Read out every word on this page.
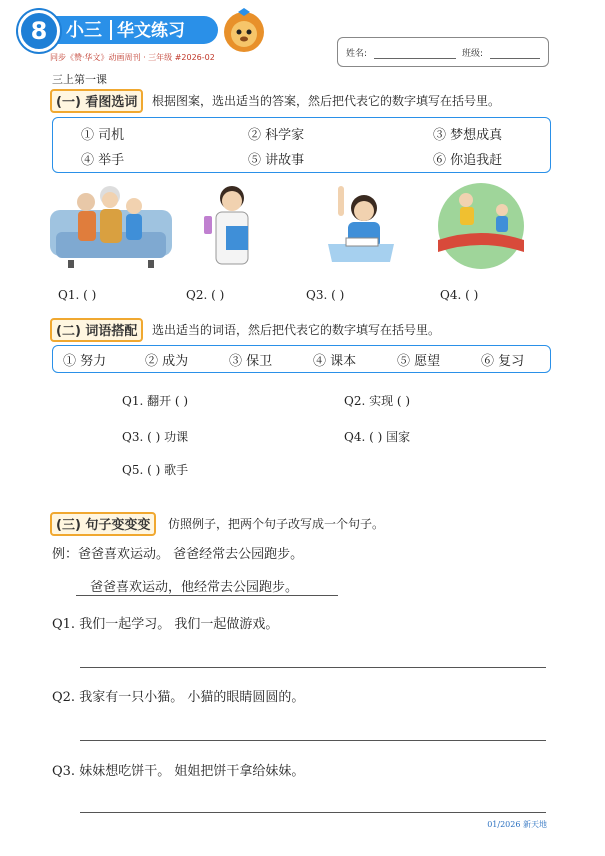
8	小三 华文练习
同步《赞·华文》动画周刊 · 三年级 #2026-02	姓名:	班级:
三上第一课
(一) 看图选词	根据图案，选出适当的答案，然后把代表它的数字填写在括号里。
① 司机	② 科学家	③ 梦想成真
④ 举手	⑤ 讲故事	⑥ 你追我赶
Q1. ( )	Q2. ( )	Q3. ( )	Q4. ( )
(二) 词语搭配	选出适当的词语，然后把代表它的数字填写在括号里。
① 努力	② 成为	③ 保卫	④ 课本	⑤ 愿望	⑥ 复习
Q1. 翻开 ( )	Q2. 实现 ( )
Q3. ( ) 功课	Q4. ( ) 国家
Q5. ( ) 歌手
(三) 句子变变变	仿照例子，把两个句子改写成一个句子。
例：爸爸喜欢运动。 爸爸经常去公园跑步。
爸爸喜欢运动，他经常去公园跑步。
Q1. 我们一起学习。 我们一起做游戏。
Q2. 我家有一只小猫。 小猫的眼睛圆圆的。
Q3. 妹妹想吃饼干。 姐姐把饼干拿给妹妹。
01/2026 新天地
